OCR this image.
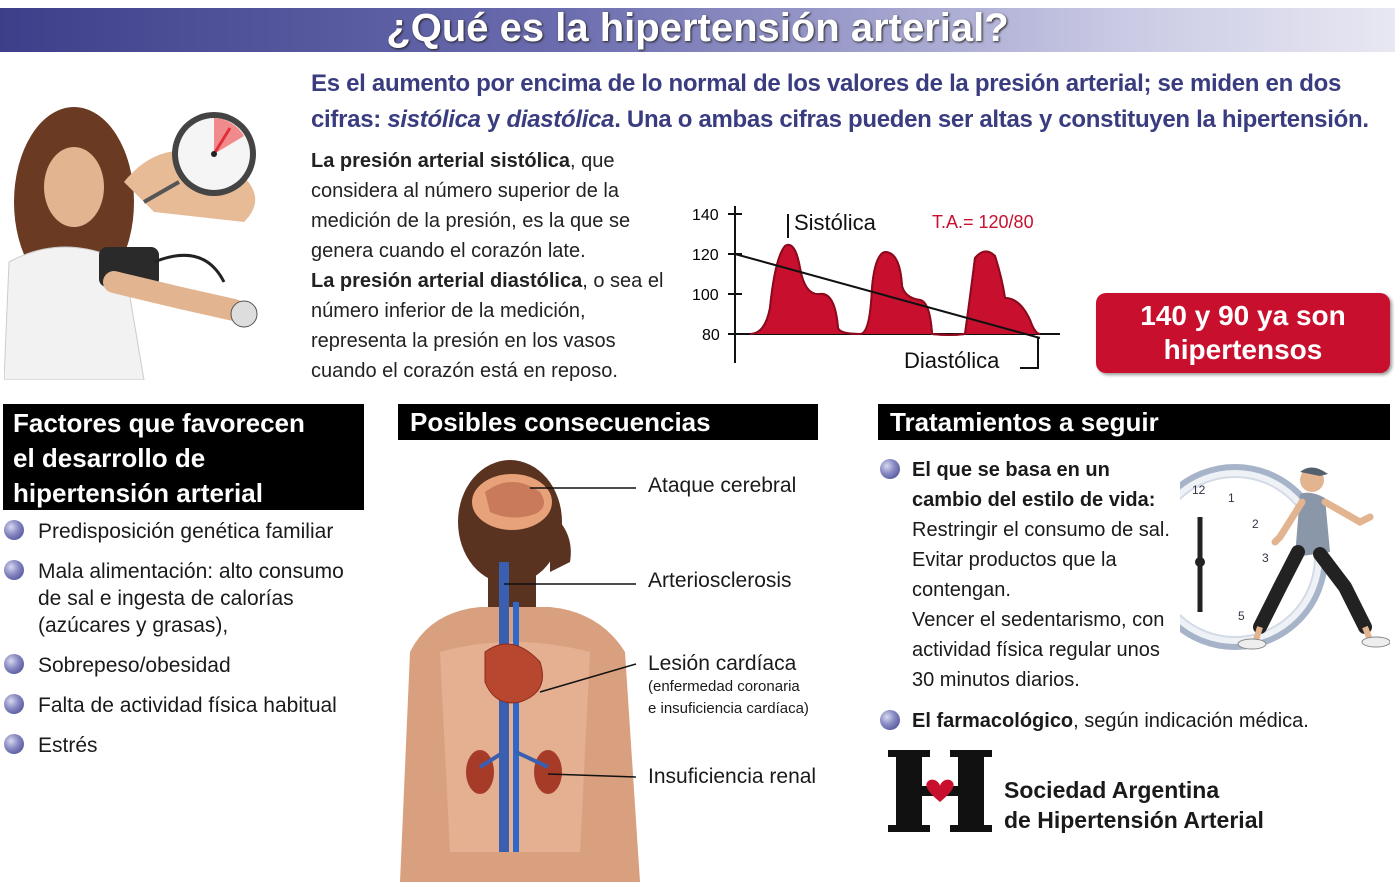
¿Qué es la hipertensión arterial?
Es el aumento por encima de lo normal de los valores de la presión arterial; se miden en dos cifras: sistólica y diastólica. Una o ambas cifras pueden ser altas y constituyen la hipertensión.
La presión arterial sistólica, que considera al número superior de la medición de la presión, es la que se genera cuando el corazón late.
La presión arterial diastólica, o sea el número inferior de la medición, representa la presión en los vasos cuando el corazón está en reposo.
140
120
100
80
Sistólica	T.A.= 120/80
Diastólica
140 y 90 ya son
hipertensos
Factores que favorecen
el desarrollo de
hipertensión arterial
Predisposición genética familiar
Mala alimentación: alto consumo de sal e ingesta de calorías (azúcares y grasas),
Sobrepeso/obesidad
Falta de actividad física habitual
Estrés
Posibles consecuencias
Ataque cerebral
Arteriosclerosis
Lesión cardíaca
(enfermedad coronaria
e insuficiencia cardíaca)
Insuficiencia renal
Tratamientos a seguir
El que se basa en un cambio del estilo de vida:
Restringir el consumo de sal.
Evitar productos que la contengan.
Vencer el sedentarismo, con actividad física regular unos 30 minutos diarios.
12
1
2
3
5
El farmacológico, según indicación médica.
Sociedad Argentina
de Hipertensión Arterial
